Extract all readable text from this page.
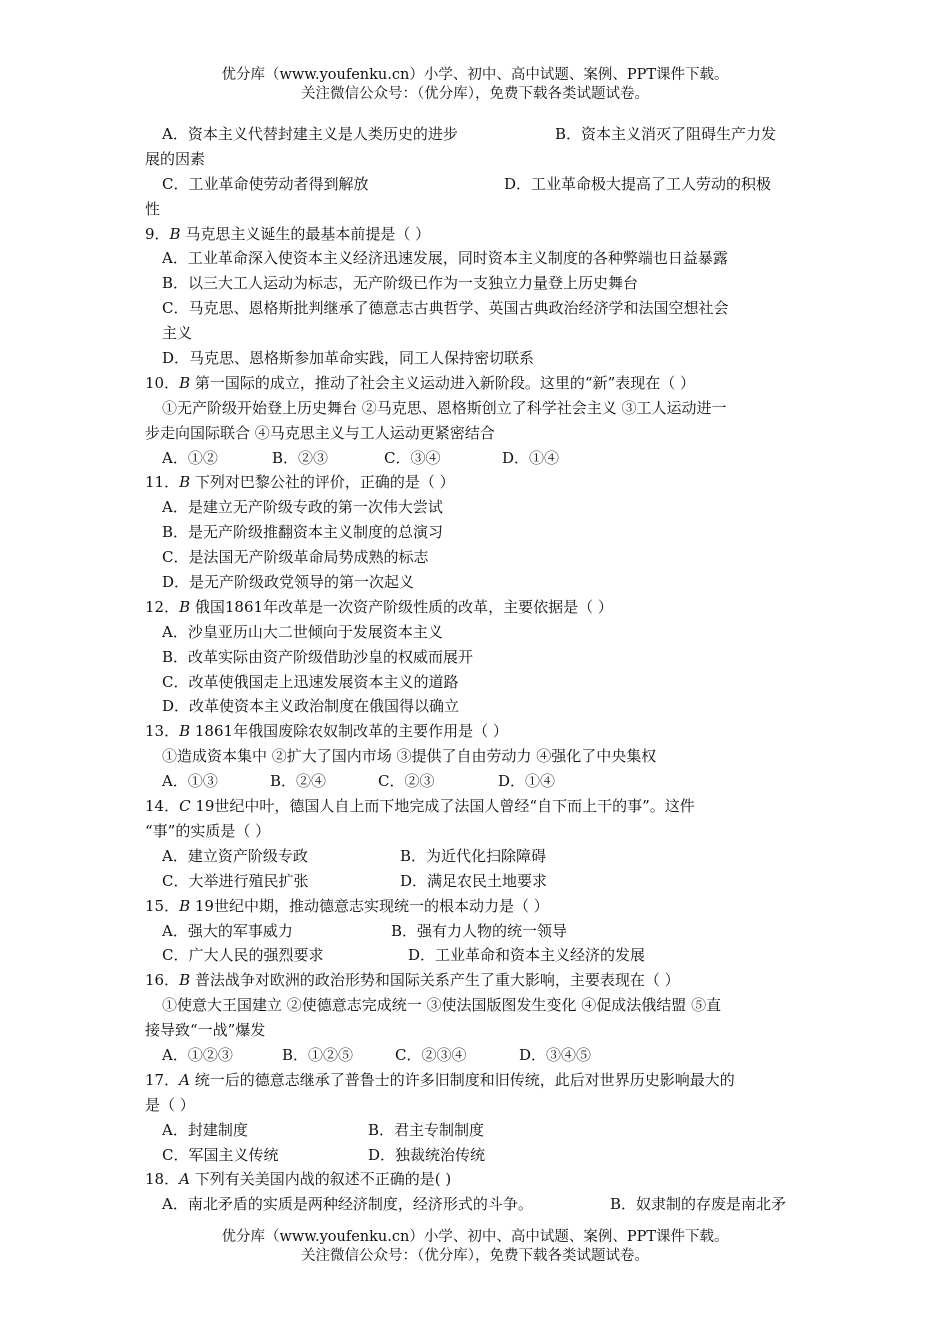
优分库（www.youfenku.cn）小学、初中、高中试题、案例、PPT课件下载。
关注微信公众号：（优分库），免费下载各类试题试卷。
A．资本主义代替封建主义是人类历史的进步	B．资本主义消灭了阻碍生产力发
展的因素
C．工业革命使劳动者得到解放	D．工业革命极大提高了工人劳动的积极
性
9．B 马克思主义诞生的最基本前提是（ ）
A．工业革命深入使资本主义经济迅速发展，同时资本主义制度的各种弊端也日益暴露
B．以三大工人运动为标志，无产阶级已作为一支独立力量登上历史舞台
C．马克思、恩格斯批判继承了德意志古典哲学、英国古典政治经济学和法国空想社会
主义
D．马克思、恩格斯参加革命实践，同工人保持密切联系
10．B 第一国际的成立，推动了社会主义运动进入新阶段。这里的“新”表现在（ ）
①无产阶级开始登上历史舞台 ②马克思、恩格斯创立了科学社会主义 ③工人运动进一
步走向国际联合 ④马克思主义与工人运动更紧密结合
A．①②	B．②③	C．③④	D．①④
11．B 下列对巴黎公社的评价，正确的是（ ）
A．是建立无产阶级专政的第一次伟大尝试
B．是无产阶级推翻资本主义制度的总演习
C．是法国无产阶级革命局势成熟的标志
D．是无产阶级政党领导的第一次起义
12．B 俄国1861年改革是一次资产阶级性质的改革，主要依据是（ ）
A．沙皇亚历山大二世倾向于发展资本主义
B．改革实际由资产阶级借助沙皇的权威而展开
C．改革使俄国走上迅速发展资本主义的道路
D．改革使资本主义政治制度在俄国得以确立
13．B 1861年俄国废除农奴制改革的主要作用是（ ）
①造成资本集中 ②扩大了国内市场 ③提供了自由劳动力 ④强化了中央集权
A．①③	B．②④	C．②③	D．①④
14．C 19世纪中叶，德国人自上而下地完成了法国人曾经“自下而上干的事”。这件
“事”的实质是（ ）
A．建立资产阶级专政	B．为近代化扫除障碍
C．大举进行殖民扩张	D．满足农民土地要求
15．B 19世纪中期，推动德意志实现统一的根本动力是（ ）
A．强大的军事威力	B．强有力人物的统一领导
C．广大人民的强烈要求	D．工业革命和资本主义经济的发展
16．B 普法战争对欧洲的政治形势和国际关系产生了重大影响，主要表现在（ ）
①使意大王国建立 ②使德意志完成统一 ③使法国版图发生变化 ④促成法俄结盟 ⑤直
接导致“一战”爆发
A．①②③	B．①②⑤	C．②③④	D．③④⑤
17．A 统一后的德意志继承了普鲁士的许多旧制度和旧传统，此后对世界历史影响最大的
是（ ）
A．封建制度	B．君主专制制度
C．军国主义传统	D．独裁统治传统
18．A 下列有关美国内战的叙述不正确的是( )
A．南北矛盾的实质是两种经济制度，经济形式的斗争。	B．奴隶制的存废是南北矛
优分库（www.youfenku.cn）小学、初中、高中试题、案例、PPT课件下载。
关注微信公众号：（优分库），免费下载各类试题试卷。
